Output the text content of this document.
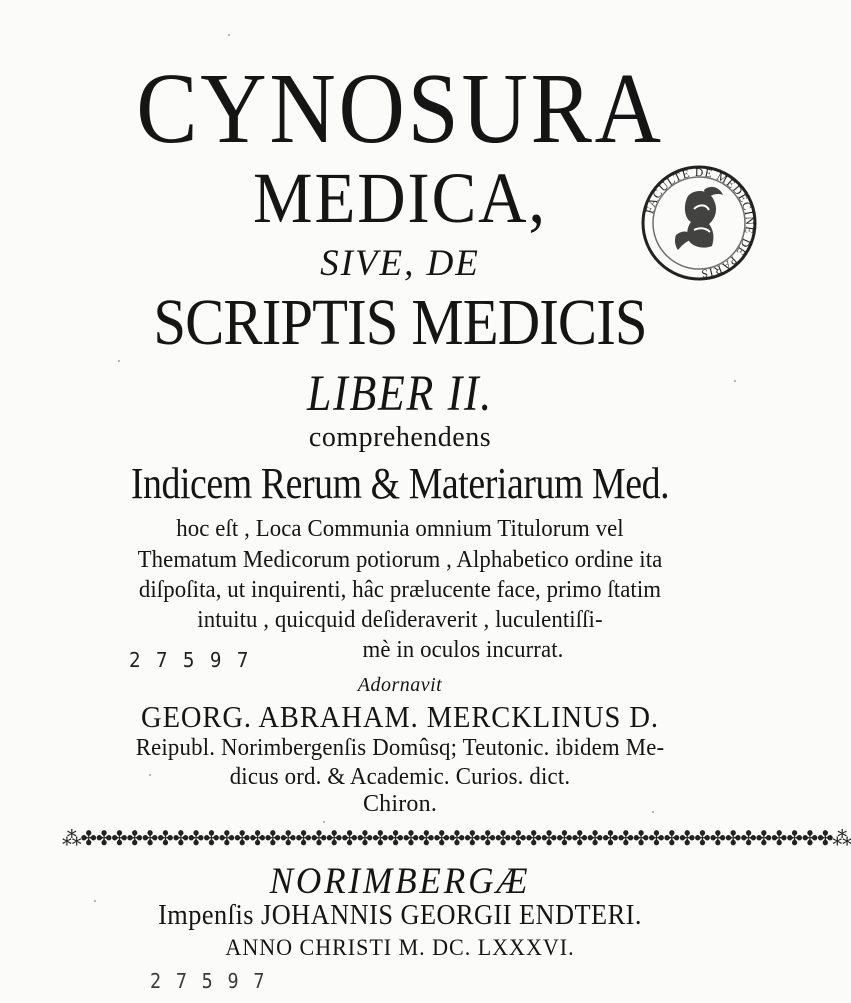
CYNOSURA
MEDICA,
SIVE, DE
SCRIPTIS MEDICIS
LIBER II.
comprehendens
Indicem Rerum & Materiarum Med.
hoc eſt , Loca Communia omnium Titulorum vel
Thematum Medicorum potiorum , Alphabetico ordine ita
diſpoſita, ut inquirenti, hâc prælucente face, primo ſtatim
intuitu , quicquid deſideraverit , luculentiſſi-
mè in oculos incurrat.
Adornavit
GEORG. ABRAHAM. MERCKLINUS D.
Reipubl. Norimbergenſis Domûsq; Teutonic. ibidem Me-
dicus ord. & Academic. Curios. dict.
Chiron.
⁂✤✤✤✤✤✤✤✤✤✤✤✤✤✤✤✤✤✤✤✤✤✤✤✤✤✤✤✤✤✤✤✤✤✤✤✤✤✤✤✤✤✤✤✤✤✤✤✤✤⁂
NORIMBERGÆ
Impenſis JOHANNIS GEORGII ENDTERI.
ANNO CHRISTI M. DC. LXXXVI.
2 7 5 9 7
2 7 5 9 7
FACULTÉ DE MÉDECINE DE PARIS
